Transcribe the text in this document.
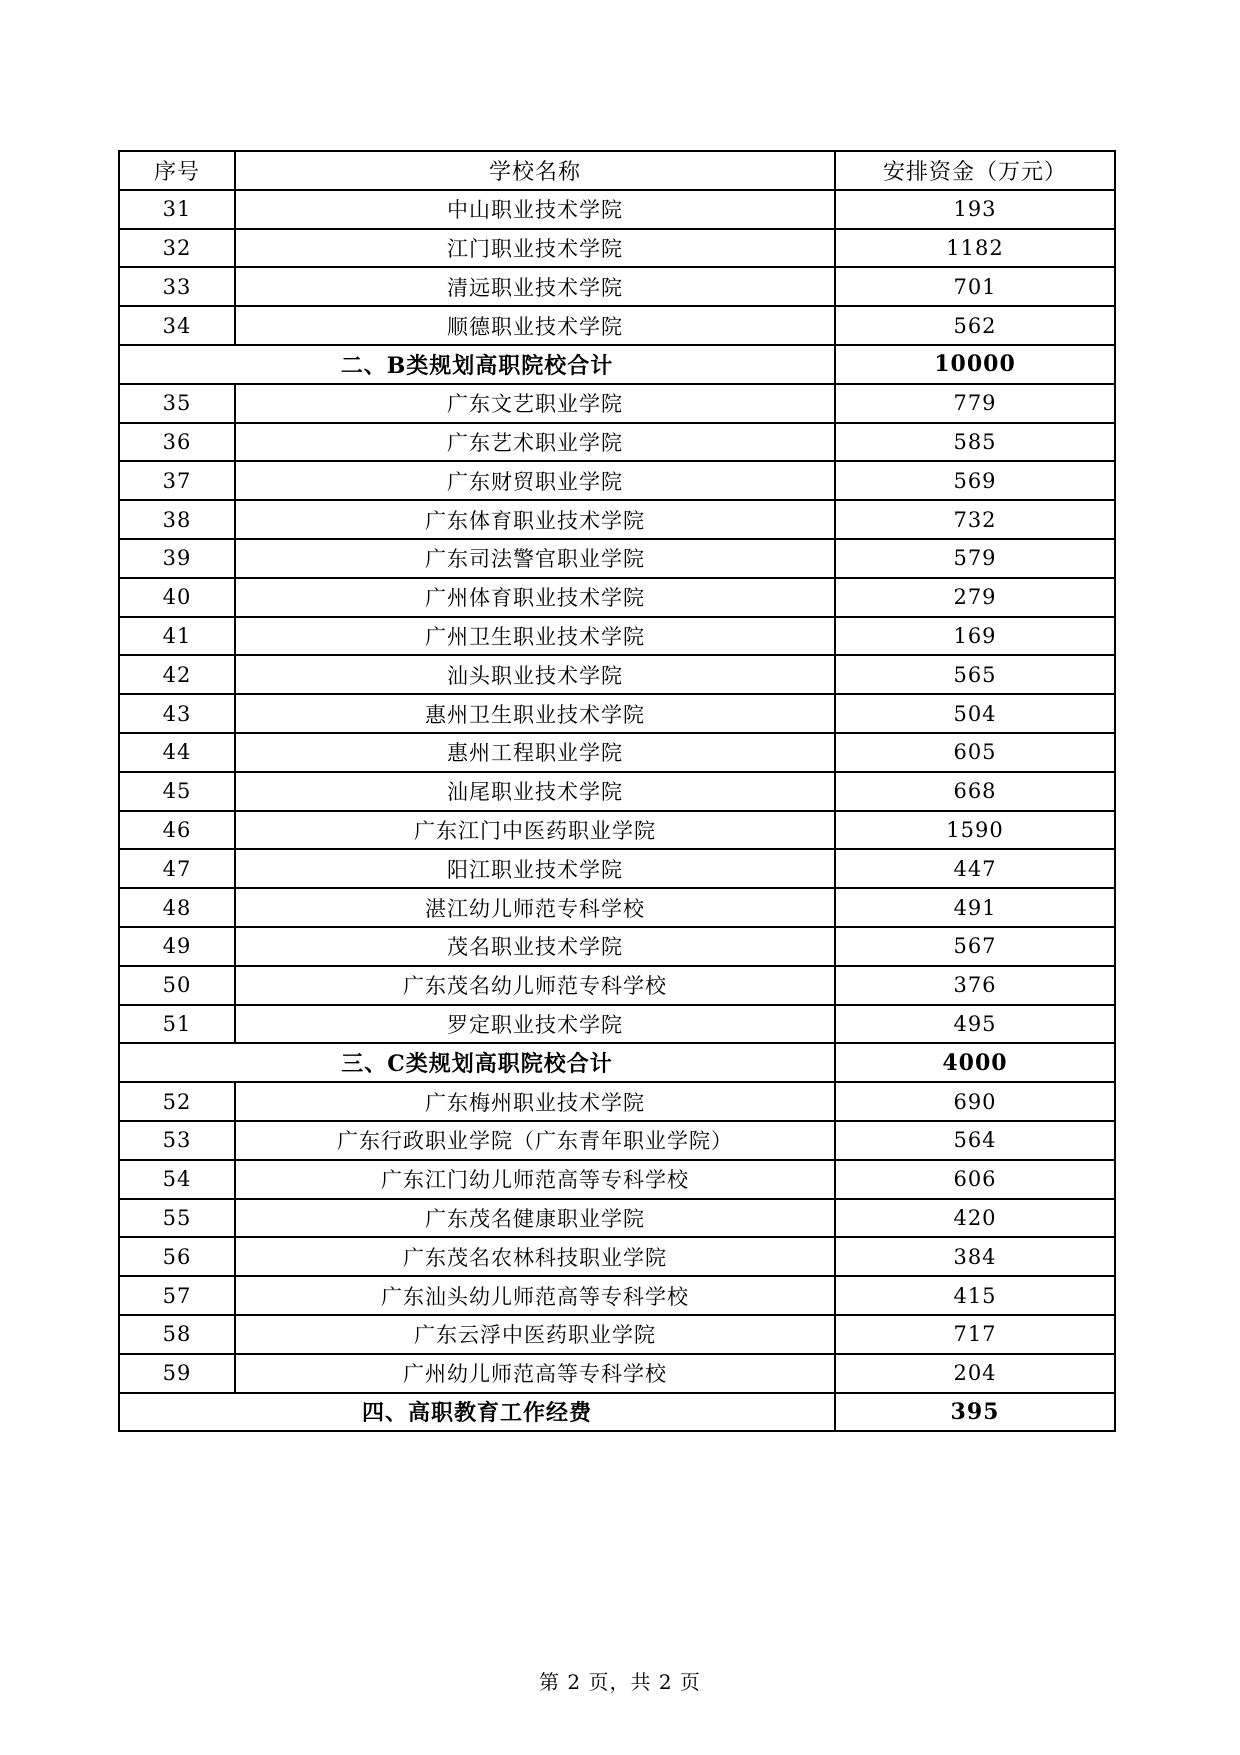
序号	学校名称	安排资金（万元）
31	中山职业技术学院	193
32	江门职业技术学院	1182
33	清远职业技术学院	701
34	顺德职业技术学院	562
二、B类规划高职院校合计		10000
35	广东文艺职业学院	779
36	广东艺术职业学院	585
37	广东财贸职业学院	569
38	广东体育职业技术学院	732
39	广东司法警官职业学院	579
40	广州体育职业技术学院	279
41	广州卫生职业技术学院	169
42	汕头职业技术学院	565
43	惠州卫生职业技术学院	504
44	惠州工程职业学院	605
45	汕尾职业技术学院	668
46	广东江门中医药职业学院	1590
47	阳江职业技术学院	447
48	湛江幼儿师范专科学校	491
49	茂名职业技术学院	567
50	广东茂名幼儿师范专科学校	376
51	罗定职业技术学院	495
三、C类规划高职院校合计		4000
52	广东梅州职业技术学院	690
53	广东行政职业学院（广东青年职业学院）	564
54	广东江门幼儿师范高等专科学校	606
55	广东茂名健康职业学院	420
56	广东茂名农林科技职业学院	384
57	广东汕头幼儿师范高等专科学校	415
58	广东云浮中医药职业学院	717
59	广州幼儿师范高等专科学校	204
四、高职教育工作经费		395
第 2 页，共 2 页
